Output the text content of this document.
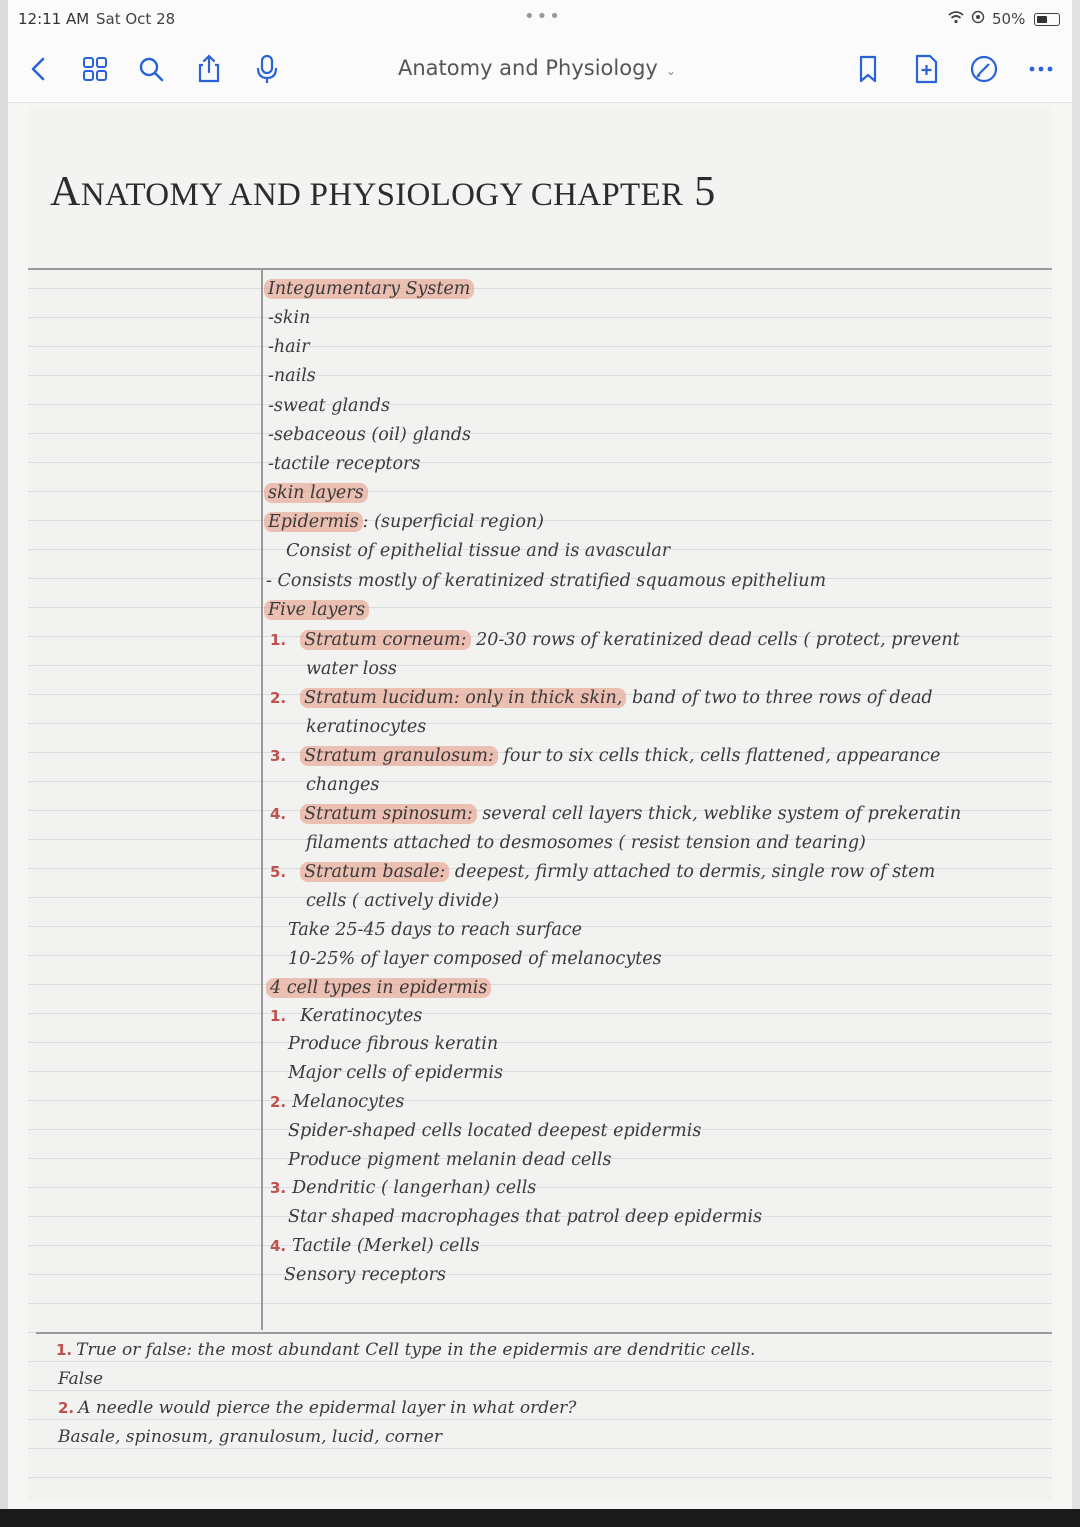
12:11 AM Sat Oct 28	•••	50%
Anatomy and Physiology ⌄
ANATOMY AND PHYSIOLOGY CHAPTER 5
Integumentary System
-skin
-hair
-nails
-sweat glands
-sebaceous (oil) glands
-tactile receptors
skin layers
Epidermis : (superficial region)
Consist of epithelial tissue and is avascular
- Consists mostly of keratinized stratified squamous epithelium
Five layers
1. Stratum corneum: 20-30 rows of keratinized dead cells ( protect, prevent
water loss
2. Stratum lucidum: only in thick skin, band of two to three rows of dead
keratinocytes
3. Stratum granulosum: four to six cells thick, cells flattened, appearance
changes
4. Stratum spinosum: several cell layers thick, weblike system of prekeratin
filaments attached to desmosomes ( resist tension and tearing)
5. Stratum basale: deepest, firmly attached to dermis, single row of stem
cells ( actively divide)
Take 25-45 days to reach surface
10-25% of layer composed of melanocytes
4 cell types in epidermis
1. Keratinocytes
Produce fibrous keratin
Major cells of epidermis
2. Melanocytes
Spider-shaped cells located deepest epidermis
Produce pigment melanin dead cells
3. Dendritic ( langerhan) cells
Star shaped macrophages that patrol deep epidermis
4. Tactile (Merkel) cells
Sensory receptors
1. True or false: the most abundant Cell type in the epidermis are dendritic cells.
False
2. A needle would pierce the epidermal layer in what order?
Basale, spinosum, granulosum, lucid, corner
